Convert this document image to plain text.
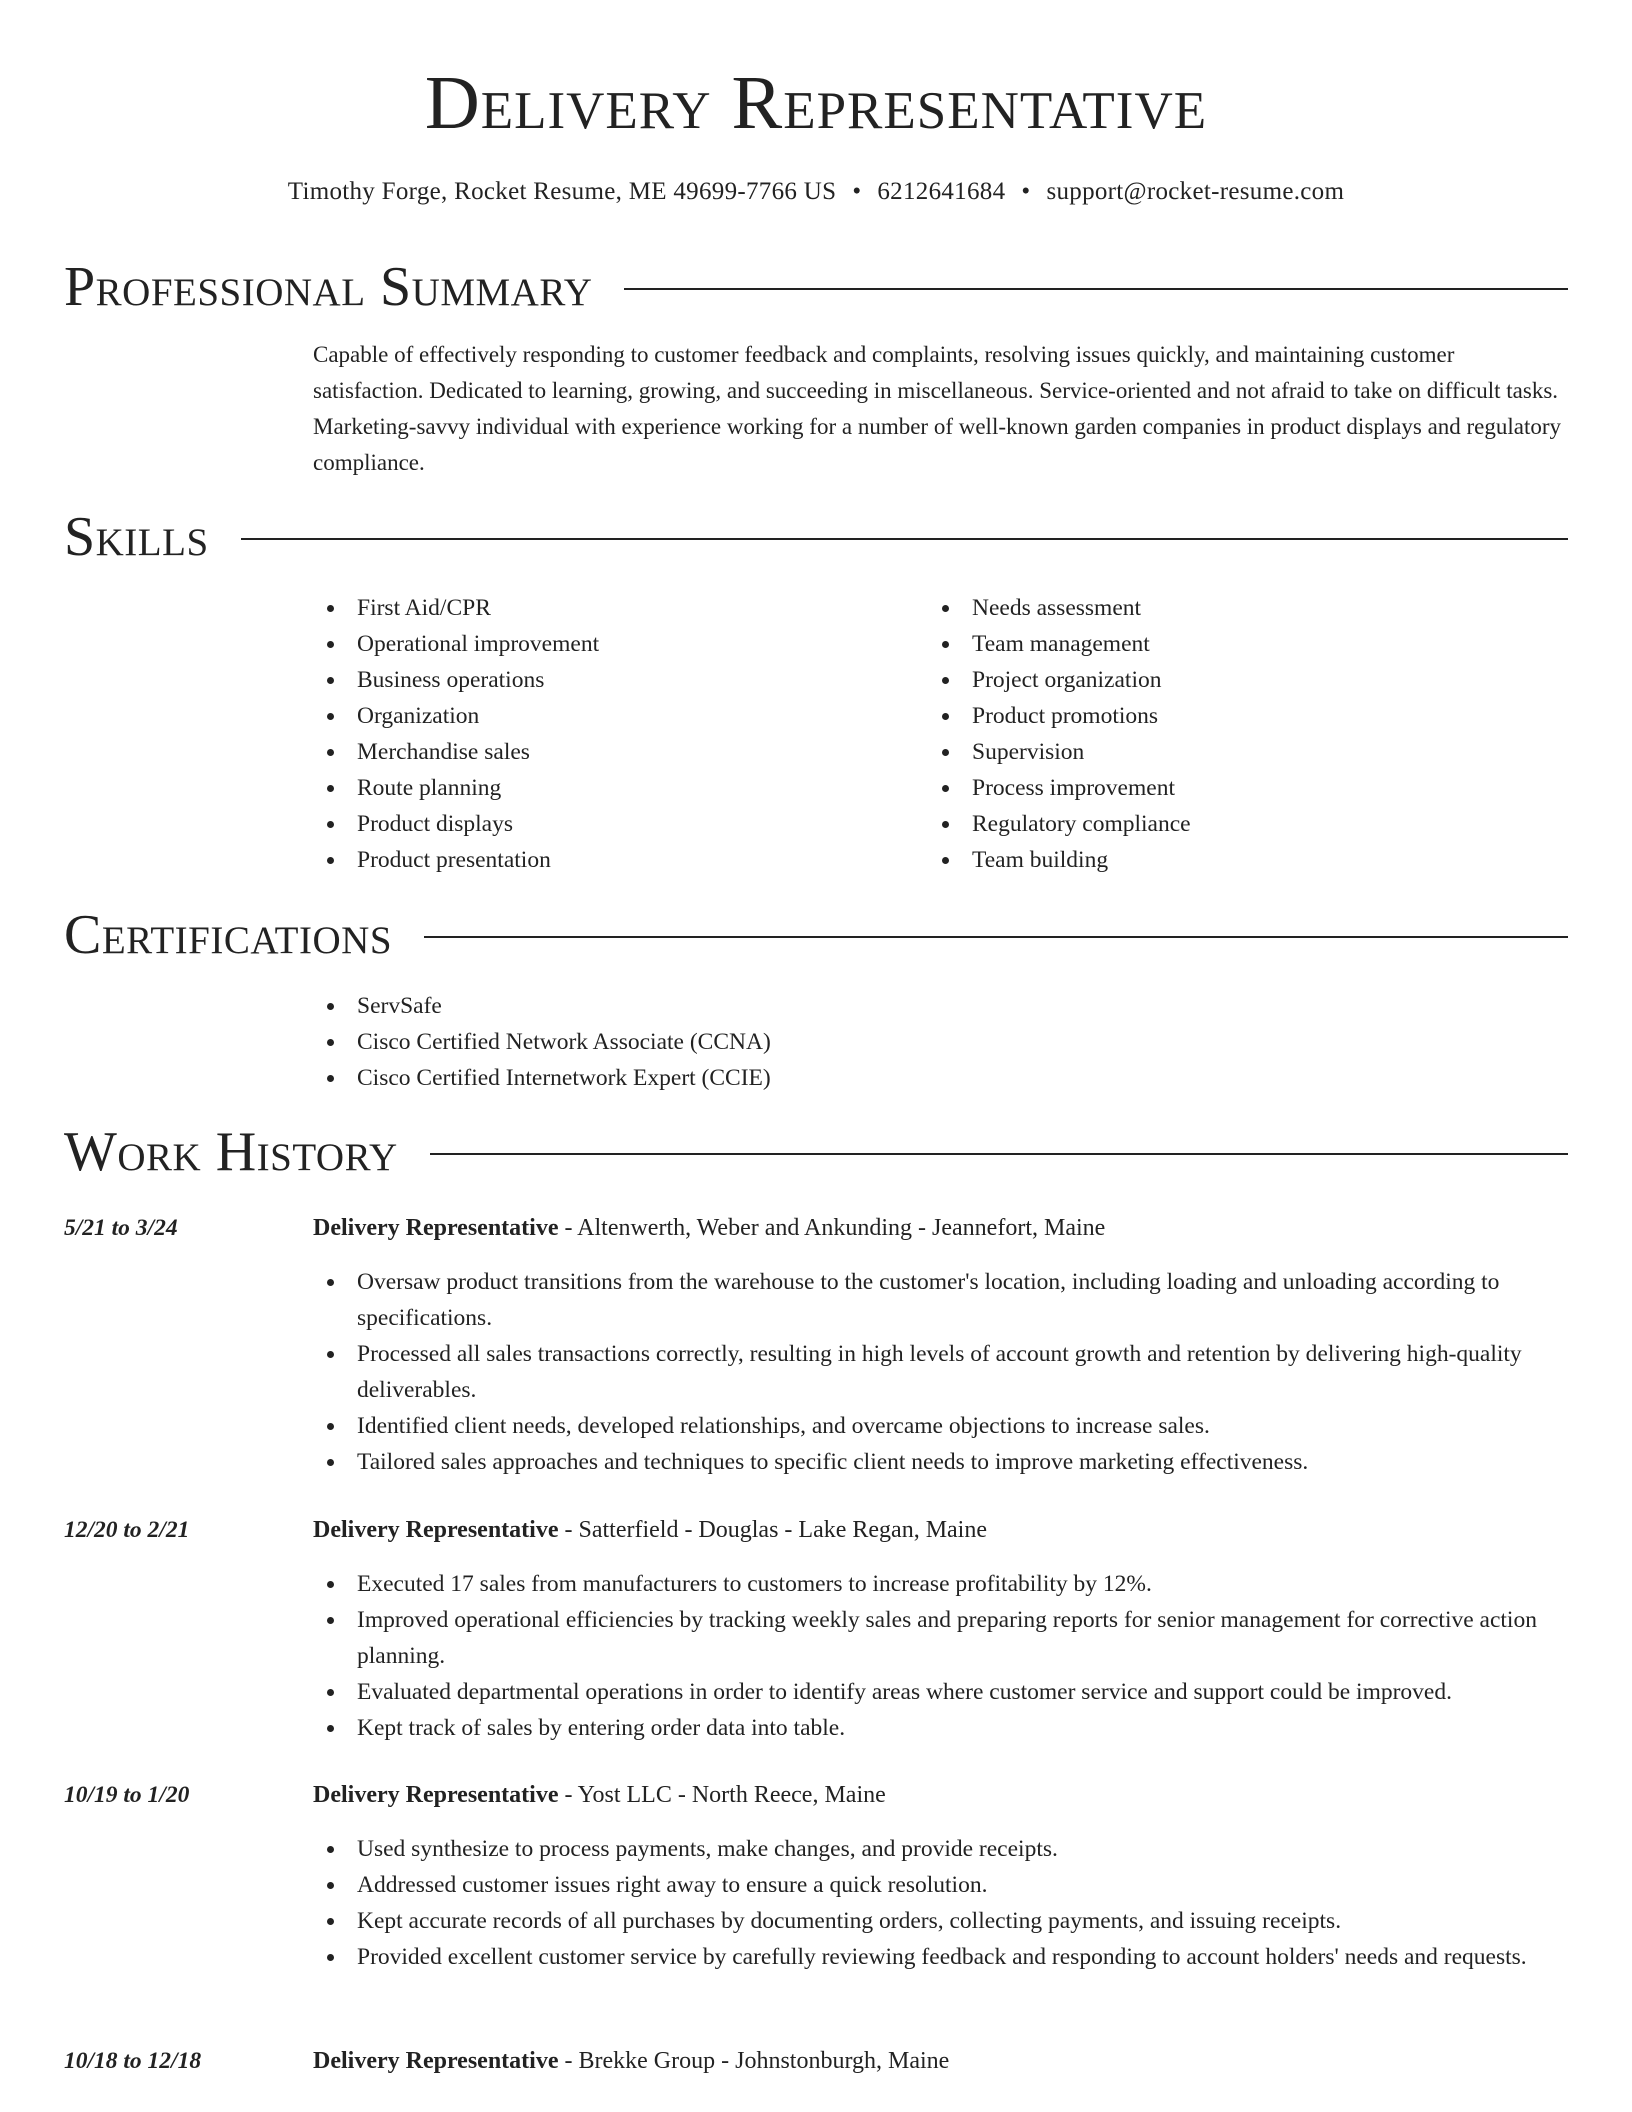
Delivery Representative
Timothy Forge, Rocket Resume, ME 49699-7766 US • 6212641684 • support@rocket-resume.com
Professional Summary

Capable of effectively responding to customer feedback and complaints, resolving issues quickly, and maintaining customer satisfaction. Dedicated to learning, growing, and succeeding in miscellaneous. Service-oriented and not afraid to take on difficult tasks. Marketing-savvy individual with experience working for a number of well-known garden companies in product displays and regulatory compliance.

Skills
First Aid/CPR
Operational improvement
Business operations
Organization
Merchandise sales
Route planning
Product displays
Product presentation
Needs assessment
Team management
Project organization
Product promotions
Supervision
Process improvement
Regulatory compliance
Team building
Certifications
ServSafe
Cisco Certified Network Associate (CCNA)
Cisco Certified Internetwork Expert (CCIE)
Work History
5/21 to 3/24	Delivery Representative - Altenwerth, Weber and Ankunding - Jeannefort, Maine
Oversaw product transitions from the warehouse to the customer's location, including loading and unloading according to specifications.
Processed all sales transactions correctly, resulting in high levels of account growth and retention by delivering high-quality deliverables.
Identified client needs, developed relationships, and overcame objections to increase sales.
Tailored sales approaches and techniques to specific client needs to improve marketing effectiveness.
12/20 to 2/21	Delivery Representative - Satterfield - Douglas - Lake Regan, Maine
Executed 17 sales from manufacturers to customers to increase profitability by 12%.
Improved operational efficiencies by tracking weekly sales and preparing reports for senior management for corrective action planning.
Evaluated departmental operations in order to identify areas where customer service and support could be improved.
Kept track of sales by entering order data into table.
10/19 to 1/20	Delivery Representative - Yost LLC - North Reece, Maine
Used synthesize to process payments, make changes, and provide receipts.
Addressed customer issues right away to ensure a quick resolution.
Kept accurate records of all purchases by documenting orders, collecting payments, and issuing receipts.
Provided excellent customer service by carefully reviewing feedback and responding to account holders' needs and requests.
10/18 to 12/18	Delivery Representative - Brekke Group - Johnstonburgh, Maine
